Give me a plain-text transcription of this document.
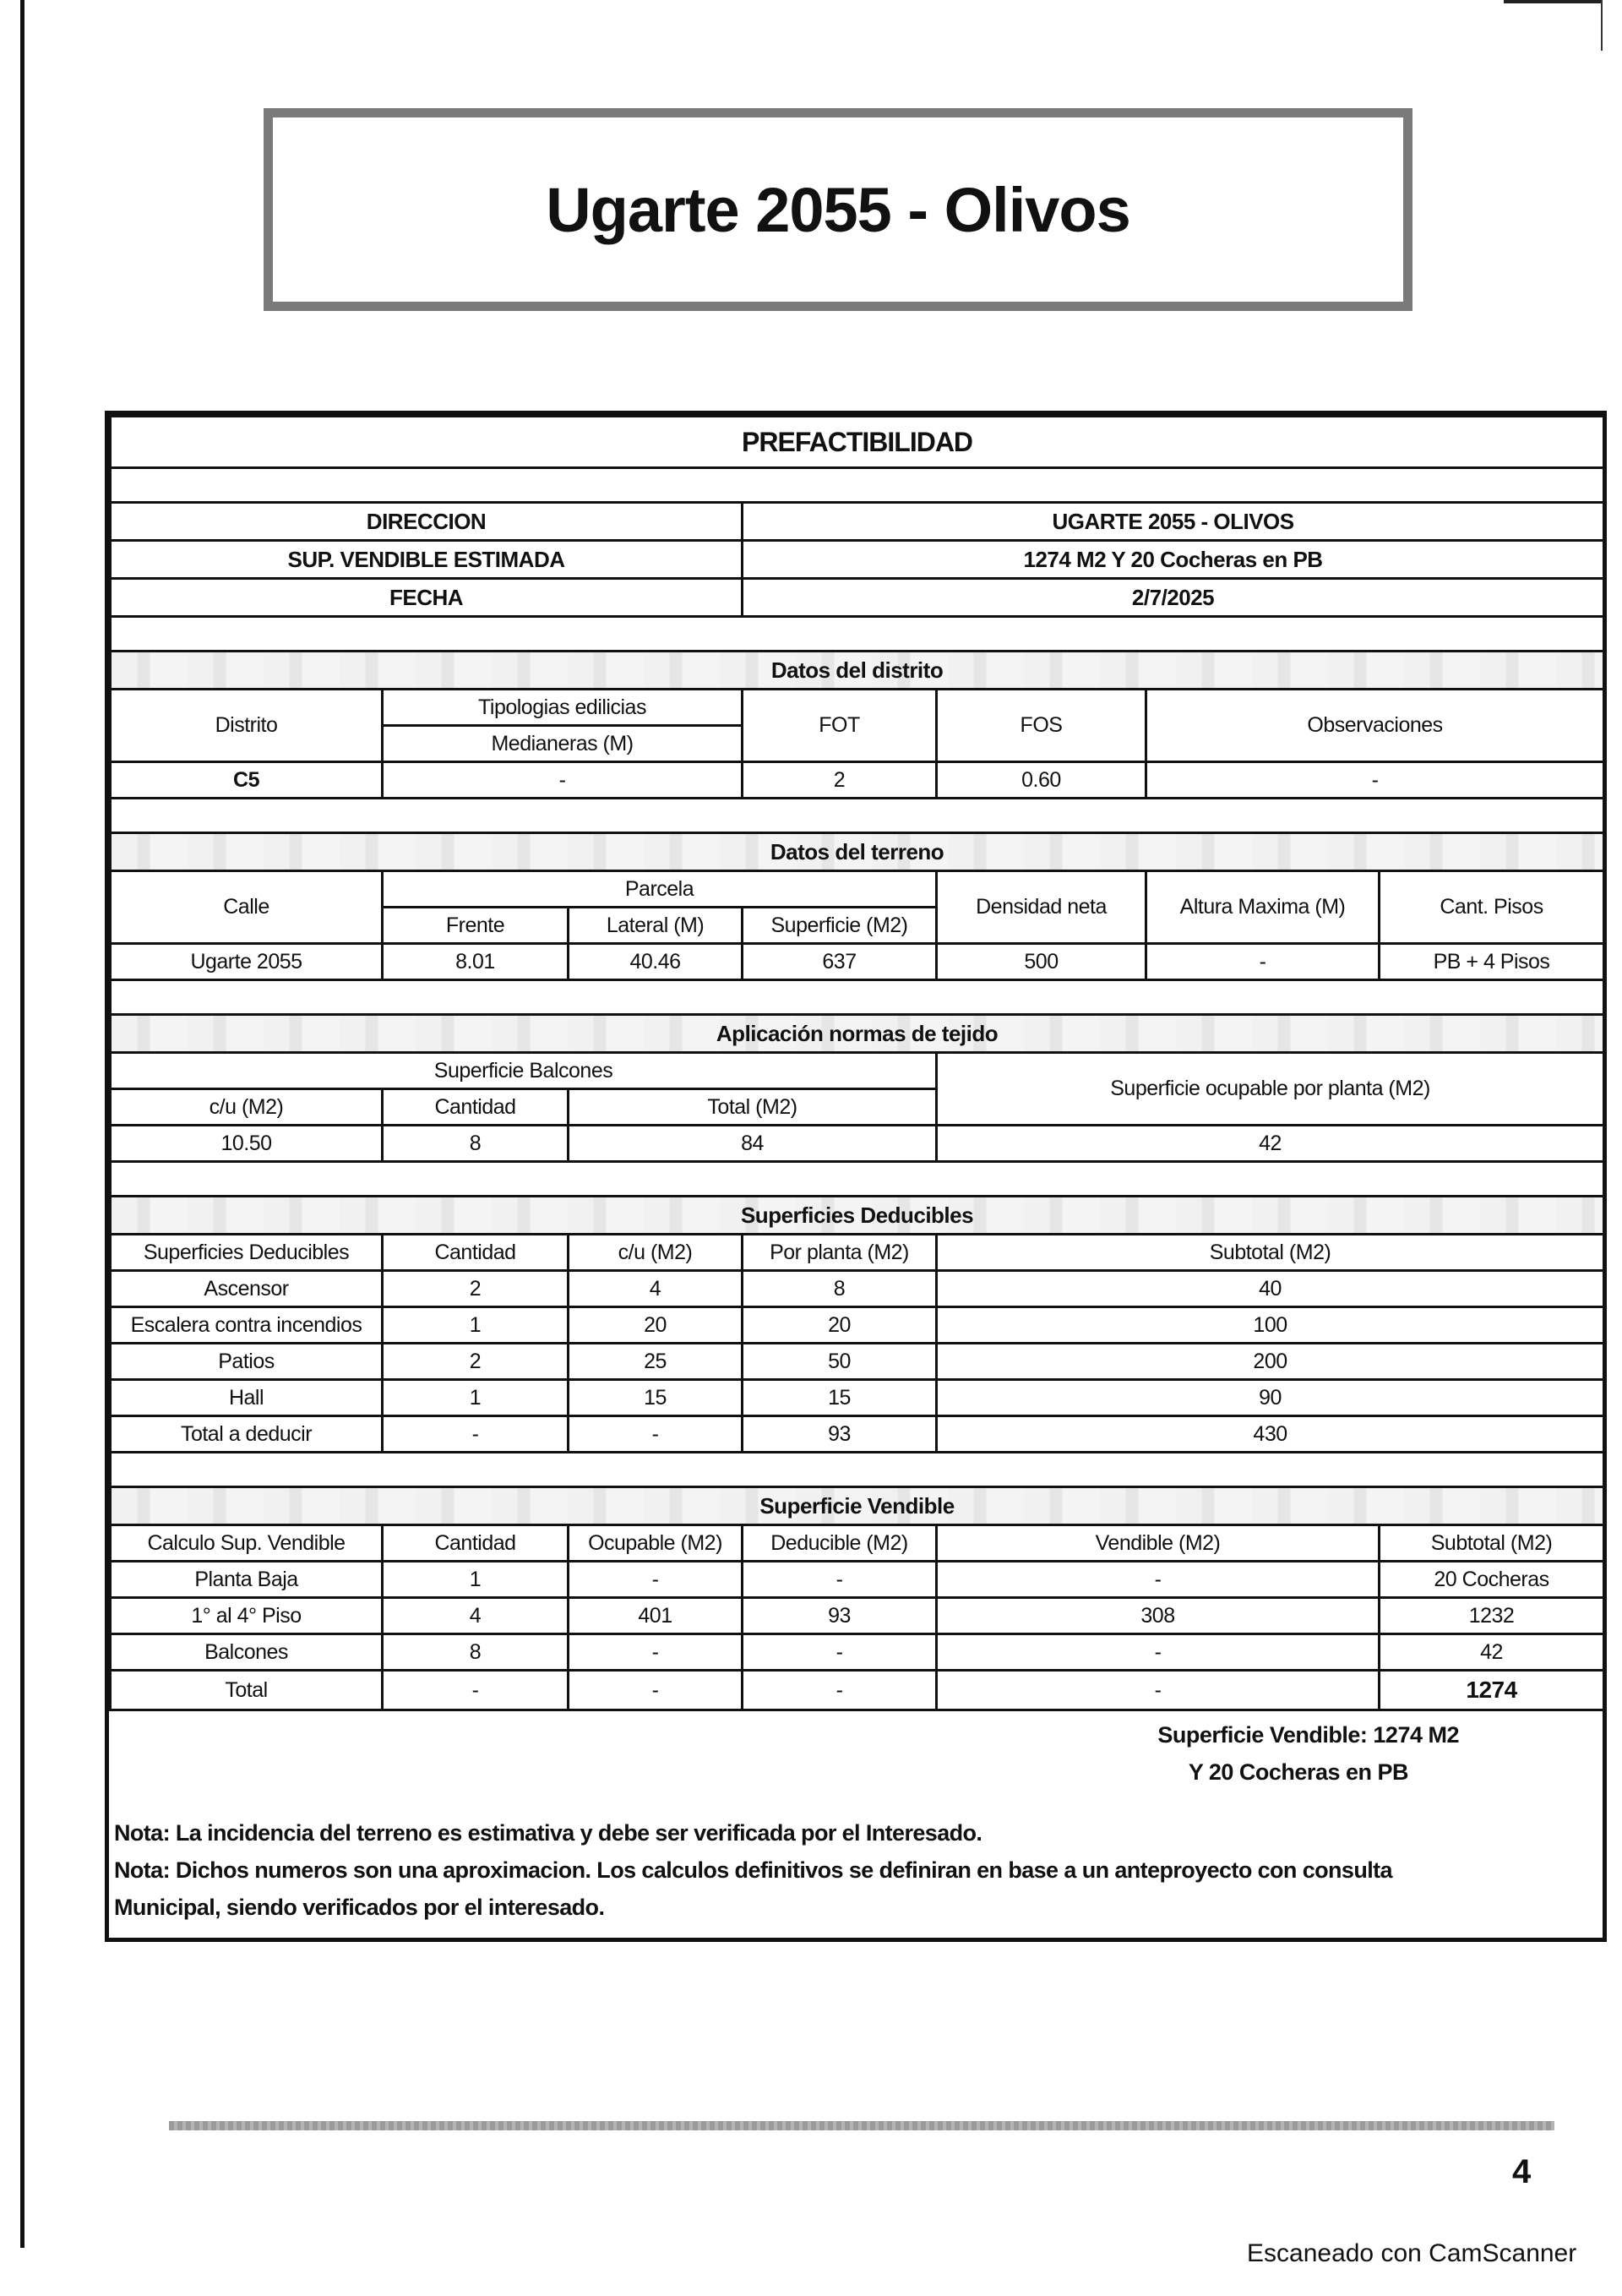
Ugarte 2055 - Olivos
PREFACTIBILIDAD						

DIRECCION			UGARTE 2055 - OLIVOS			
SUP. VENDIBLE ESTIMADA			1274 M2 Y 20 Cocheras en PB			
FECHA			2/7/2025			

Datos del distrito						
Distrito	Tipologias edilicias		FOT	FOS	Observaciones	
	Medianeras (M)					
C5	-		2	0.60	-	

Datos del terreno						
Calle	Parcela			Densidad neta	Altura Maxima (M)	Cant. Pisos
	Frente	Lateral (M)	Superficie (M2)			
Ugarte 2055	8.01	40.46	637	500	-	PB + 4 Pisos

Aplicación normas de tejido						
Superficie Balcones				Superficie ocupable por planta (M2)		
c/u (M2)	Cantidad	Total (M2)				
10.50	8	84		42		

Superficies Deducibles						
Superficies Deducibles	Cantidad	c/u (M2)	Por planta (M2)	Subtotal (M2)		
Ascensor	2	4	8	40		
Escalera contra incendios	1	20	20	100		
Patios	2	25	50	200		
Hall	1	15	15	90		
Total a deducir	-	-	93	430		

Superficie Vendible						
Calculo Sup. Vendible	Cantidad	Ocupable (M2)	Deducible (M2)	Vendible (M2)		Subtotal (M2)
Planta Baja	1	-	-	-		20 Cocheras
1° al 4° Piso	4	401	93	308		1232
Balcones	8	-	-	-		42
Total	-	-	-	-		1274
Superficie Vendible: 1274 M2
Y 20 Cocheras en PB

Nota: La incidencia del terreno es estimativa y debe ser verificada por el Interesado.

Nota: Dichos numeros son una aproximacion. Los calculos definitivos se definiran en base a un anteproyecto con consulta

Municipal, siendo verificados por el interesado.

4
Escaneado con CamScanner
